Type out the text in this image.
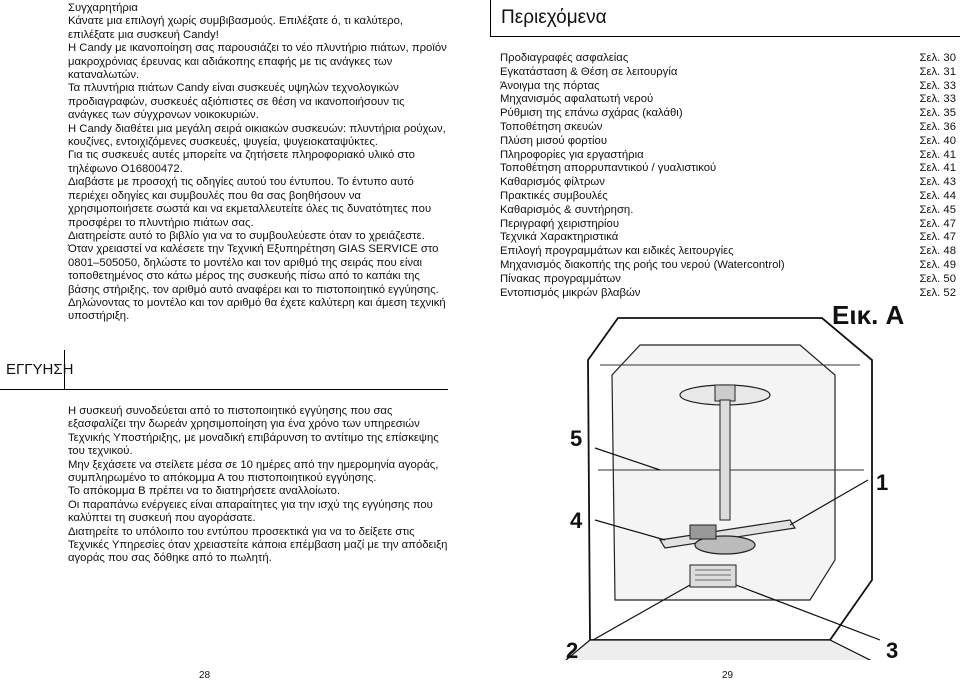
Συγχαρητήρια

Κάνατε μια επιλογή χωρίς συμβιβασμούς. Επιλέξατε ό, τι καλύτερο, επιλέξατε μια συσκευή Candy!

Η Candy με ικανοποίηση σας παρουσιάζει το νέο πλυντήριο πιάτων, προϊόν μακροχρόνιας έρευνας και αδιάκοπης επαφής με τις ανάγκες των καταναλωτών.

Τα πλυντήρια πιάτων Candy είναι συσκευές υψηλών τεχνολογικών προδιαγραφών, συσκευές αξιόπιστες σε θέση να ικανοποιήσουν τις ανάγκες των σύγχρονων νοικοκυριών.

Η Candy διαθέτει μια μεγάλη σειρά οικιακών συσκευών: πλυντήρια ρούχων, κουζίνες, εντοιχιζόμενες συσκευές, ψυγεία, ψυγειοκαταψύκτες.

Για τις συσκευές αυτές μπορείτε να ζητήσετε πληροφοριακό υλικό στο τηλέφωνο Ο16800472.

Διαβάστε με προσοχή τις οδηγίες αυτού του έντυπου. Το έντυπο αυτό περιέχει οδηγίες και συμβουλές που θα σας βοηθήσουν να χρησιμοποιήσετε σωστά και να εκμεταλλευτείτε όλες τις δυνατότητες που προσφέρει το πλυντήριο πιάτων σας.

Διατηρείστε αυτό το βιβλίο για να το συμβουλεύεστε όταν το χρειάζεστε.

Όταν χρειαστεί να καλέσετε την Τεχνική Εξυπηρέτηση GIAS SERVICE στο 0801–505050, δηλώστε το μοντέλο και τον αριθμό της σειράς που είναι τοποθετημένος στο κάτω μέρος της συσκευής πίσω από το καπάκι της βάσης στήριξης, τον αριθμό αυτό αναφέρει και το πιστοποιητικό εγγύησης. Δηλώνοντας το μοντέλο και τον αριθμό θα έχετε καλύτερη και άμεση τεχνική υποστήριξη.

ΕΓΓΥΗΣΗ

Η συσκευή συνοδεύεται από το πιστοποιητικό εγγύησης που σας εξασφαλίζει την δωρεάν χρησιμοποίηση για ένα χρόνο των υπηρεσιών Τεχνικής Υποστήριξης, με μοναδική επιβάρυνση το αντίτιμο της επίσκεψης του τεχνικού.

Μην ξεχάσετε να στείλετε μέσα σε 10 ημέρες από την ημερομηνία αγοράς, συμπληρωμένο το απόκομμα Α του πιστοποιητικού εγγύησης.

Το απόκομμα Β πρέπει να το διατηρήσετε αναλλοίωτο.

Οι παραπάνω ενέργειες είναι απαραίτητες για την ισχύ της εγγύησης που καλύπτει τη συσκευή που αγοράσατε.

Διατηρείτε το υπόλοιπο του εντύπου προσεκτικά για να το δείξετε στις Τεχνικές Υπηρεσίες όταν χρειαστείτε κάποια επέμβαση μαζί με την απόδειξη αγοράς που σας δόθηκε από το πωλητή.

Περιεχόμενα
Προδιαγραφές ασφαλείας	Σελ. 30
Εγκατάσταση & Θέση σε λειτουργία	Σελ. 31
Άνοιγμα της πόρτας	Σελ. 33
Μηχανισμός αφαλατωτή νερού	Σελ. 33
Ρύθμιση της επάνω σχάρας (καλάθι)	Σελ. 35
Τοποθέτηση σκευών	Σελ. 36
Πλύση μισού φορτίου	Σελ. 40
Πληροφορίες για εργαστήρια	Σελ. 41
Τοποθέτηση απορρυπαντικού / γυαλιστικού	Σελ. 41
Καθαρισμός φίλτρων	Σελ. 43
Πρακτικές συμβουλές	Σελ. 44
Καθαρισμός & συντήρηση.	Σελ. 45
Περιγραφή χειριστηρίου	Σελ. 47
Τεχνικά Χαρακτηριστικά	Σελ. 47
Επιλογή προγραμμάτων και ειδικές λειτουργίες	Σελ. 48
Μηχανισμός διακοπής της ροής του νερού (Watercontrol)	Σελ. 49
Πίνακας προγραμμάτων	Σελ. 50
Εντοπισμός μικρών βλαβών	Σελ. 52
Εικ. A
5
4
1
2	3
28	29
